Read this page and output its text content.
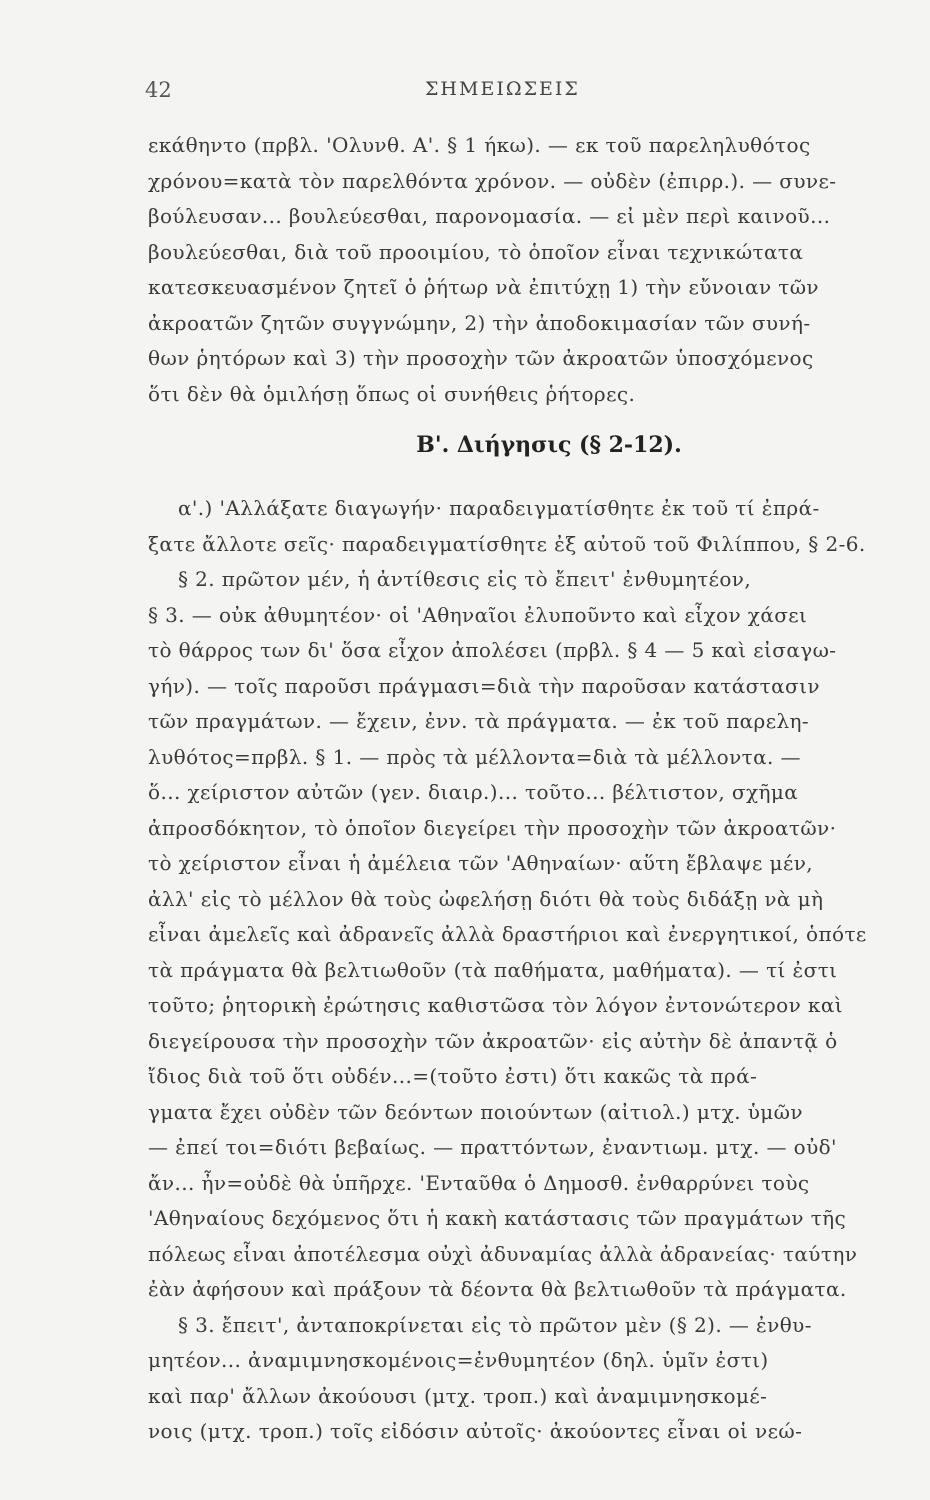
42	ΣΗΜΕΙΩΣΕΙΣ
εκάθηντο (πρβλ. 'Ολυνθ. Α'. § 1 ήκω). — εκ τοῦ παρεληλυθότος
χρόνου=κατὰ τὸν παρελθόντα χρόνον. — οὐδὲν (ἐπιρρ.). — συνε-
βούλευσαν... βουλεύεσθαι, παρονομασία. — εἰ μὲν περὶ καινοῦ...
βουλεύεσθαι, διὰ τοῦ προοιμίου, τὸ ὁποῖον εἶναι τεχνικώτατα
κατεσκευασμένον ζητεῖ ὁ ῥήτωρ νὰ ἐπιτύχῃ 1) τὴν εὔνοιαν τῶν
ἀκροατῶν ζητῶν συγγνώμην, 2) τὴν ἀποδοκιμασίαν τῶν συνή-
θων ῥητόρων καὶ 3) τὴν προσοχὴν τῶν ἀκροατῶν ὑποσχόμενος
ὅτι δὲν θὰ ὁμιλήσῃ ὅπως οἱ συνήθεις ῥήτορες.
Β'. Διήγησις (§ 2-12).
α'.) 'Αλλάξατε διαγωγήν· παραδειγματίσθητε ἐκ τοῦ τί ἐπρά-
ξατε ἄλλοτε σεῖς· παραδειγματίσθητε ἐξ αὐτοῦ τοῦ Φιλίππου, § 2-6.
§ 2. πρῶτον μέν, ἡ ἀντίθεσις εἰς τὸ ἔπειτ' ἐνθυμητέον,
§ 3. — οὐκ ἀθυμητέον· οἱ 'Αθηναῖοι ἐλυποῦντο καὶ εἶχον χάσει
τὸ θάρρος των δι' ὅσα εἶχον ἀπολέσει (πρβλ. § 4 — 5 καὶ εἰσαγω-
γήν). — τοῖς παροῦσι πράγμασι=διὰ τὴν παροῦσαν κατάστασιν
τῶν πραγμάτων. — ἔχειν, ἐνν. τὰ πράγματα. — ἐκ τοῦ παρελη-
λυθότος=πρβλ. § 1. — πρὸς τὰ μέλλοντα=διὰ τὰ μέλλοντα. —
ὅ... χείριστον αὐτῶν (γεν. διαιρ.)... τοῦτο... βέλτιστον, σχῆμα
ἀπροσδόκητον, τὸ ὁποῖον διεγείρει τὴν προσοχὴν τῶν ἀκροατῶν·
τὸ χείριστον εἶναι ἡ ἀμέλεια τῶν 'Αθηναίων· αὕτη ἔβλαψε μέν,
ἀλλ' εἰς τὸ μέλλον θὰ τοὺς ὠφελήσῃ διότι θὰ τοὺς διδάξῃ νὰ μὴ
εἶναι ἀμελεῖς καὶ ἀδρανεῖς ἀλλὰ δραστήριοι καὶ ἐνεργητικοί, ὁπότε
τὰ πράγματα θὰ βελτιωθοῦν (τὰ παθήματα, μαθήματα). — τί ἐστι
τοῦτο; ῥητορικὴ ἐρώτησις καθιστῶσα τὸν λόγον ἐντονώτερον καὶ
διεγείρουσα τὴν προσοχὴν τῶν ἀκροατῶν· εἰς αὐτὴν δὲ ἀπαντᾷ ὁ
ἴδιος διὰ τοῦ ὅτι οὐδέν...=(τοῦτο ἐστι) ὅτι κακῶς τὰ πρά-
γματα ἔχει οὐδὲν τῶν δεόντων ποιούντων (αἰτιολ.) μτχ. ὑμῶν
— ἐπεί τοι=διότι βεβαίως. — πραττόντων, ἐναντιωμ. μτχ. — οὐδ'
ἄν... ἦν=οὐδὲ θὰ ὑπῆρχε. 'Ενταῦθα ὁ Δημοσθ. ἐνθαρρύνει τοὺς
'Αθηναίους δεχόμενος ὅτι ἡ κακὴ κατάστασις τῶν πραγμάτων τῆς
πόλεως εἶναι ἀποτέλεσμα οὐχὶ ἀδυναμίας ἀλλὰ ἀδρανείας· ταύτην
ἐὰν ἀφήσουν καὶ πράξουν τὰ δέοντα θὰ βελτιωθοῦν τὰ πράγματα.
§ 3. ἔπειτ', ἀνταποκρίνεται εἰς τὸ πρῶτον μὲν (§ 2). — ἐνθυ-
μητέον... ἀναμιμνησκομένοις=ἐνθυμητέον (δηλ. ὑμῖν ἐστι)
καὶ παρ' ἄλλων ἀκούουσι (μτχ. τροπ.) καὶ ἀναμιμνησκομέ-
νοις (μτχ. τροπ.) τοῖς εἰδόσιν αὐτοῖς· ἀκούοντες εἶναι οἱ νεώ-
